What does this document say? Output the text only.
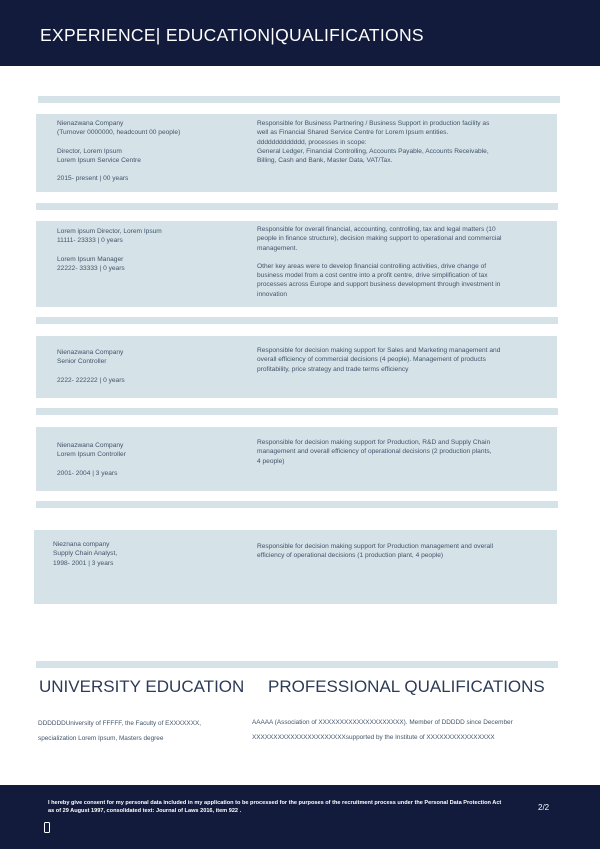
EXPERIENCE| EDUCATION|QUALIFICATIONS

Nienazwana Company

(Turnover 0000000, headcount 00 people)

Director, Lorem Ipsum

Lorem Ipsum Service Centre

2015- present | 00 years

Responsible for Business Partnering / Business Support in production facility as

well as Financial Shared Service Centre for Lorem Ipsum entities.

ddddddddddddd, processes in scope:

General Ledger, Financial Controlling, Accounts Payable, Accounts Receivable,

Billing, Cash and Bank, Master Data, VAT/Tax.

Lorem ipsum Director, Lorem Ipsum

11111- 23333 | 0 years

Lorem Ipsum Manager

22222- 33333 | 0 years

Responsible for overall financial, accounting, controlling, tax and legal matters (10

people in finance structure), decision making support to operational and commercial

management.

Other key areas were to develop financial controlling activities, drive change of

business model from a cost centre into a profit centre, drive simplification of tax

processes across Europe and support business development through investment in

innovation

Nienazwana Company

Senior Controller

2222- 222222 | 0 years

Responsible for decision making support for Sales and Marketing management and

overall efficiency of commercial decisions (4 people). Management of products

profitability, price strategy and trade terms efficiency

Nienazwana Company

Lorem Ipsum Controller

2001- 2004 | 3 years

Responsible for decision making support for Production, R&D and Supply Chain

management and overall efficiency of operational decisions (2 production plants,

4 people)

Nieznana company

Supply Chain Analyst,

1998- 2001 | 3 years

Responsible for decision making support for Production management and overall

efficiency of operational decisions (1 production plant, 4 people)

UNIVERSITY EDUCATION PROFESSIONAL QUALIFICATIONS
DDDDDDUniversity of FFFFF, the Faculty of EXXXXXXX,
specialization Lorem Ipsum, Masters degree
AAAAA (Association of XXXXXXXXXXXXXXXXXXXX). Member of DDDDD since December
XXXXXXXXXXXXXXXXXXXXXXsupported by the Institute of XXXXXXXXXXXXXXXX
I hereby give consent for my personal data included in my application to be processed for the purposes of the recruitment process under the Personal Data Protection Act as of 29 August 1997, consolidated text: Journal of Laws 2016, item 922 .	2/2
